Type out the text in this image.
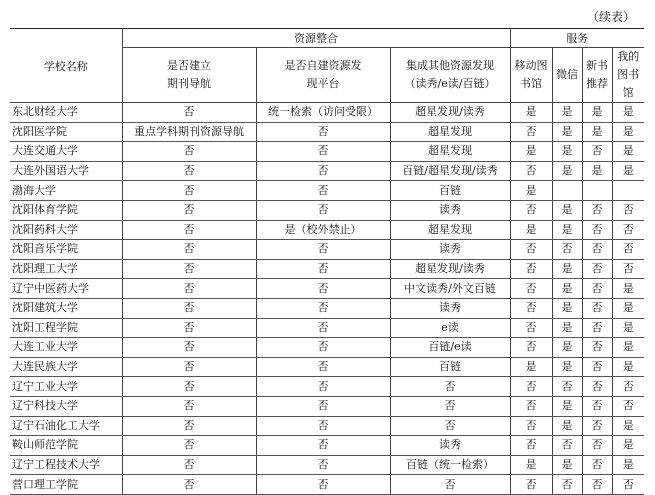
（续表）
学校名称	资源整合			服务			
	是否建立期刊导航	是否自建资源发现平台	集成其他资源发现（读秀/e读/百链）	移动图书馆	微信	新书推荐	我的图书馆
东北财经大学	否	统一检索（访问受限）	超星发现/读秀	是	是	是	是
沈阳医学院	重点学科期刊资源导航	否	超星发现	否	是	是	是
大连交通大学	否	否	超星发现	是	是	否	是
大连外国语大学	否	否	百链/超星发现/读秀	否	是	是	是
渤海大学	否	否	百链	是			
沈阳体育学院	否	否	读秀	否	是	否	否
沈阳药科大学	否	是（校外禁止）	超星发现	是	是	否	否
沈阳音乐学院	否	否	读秀	否	否	否	否
沈阳理工大学	否	否	超星发现/读秀	否	是	否	否
辽宁中医药大学	否	否	中文读秀/外文百链	否	是	否	是
沈阳建筑大学	否	否	读秀	否	是	否	是
沈阳工程学院	否	否	e读	否	是	否	是
大连工业大学	否	否	百链/e读	否	是	否	是
大连民族大学	否	否	百链	是	是	否	是
辽宁工业大学	否	否	否	否	否	否	否
辽宁科技大学	否	否	否	否	是	否	否
辽宁石油化工大学	否	否	否	否	是	否	是
鞍山师范学院	否	否	读秀	否	否	否	是
辽宁工程技术大学	否	否	百链（统一检索）	是	是	否	是
营口理工学院	否	否	否	否	否	否	否
